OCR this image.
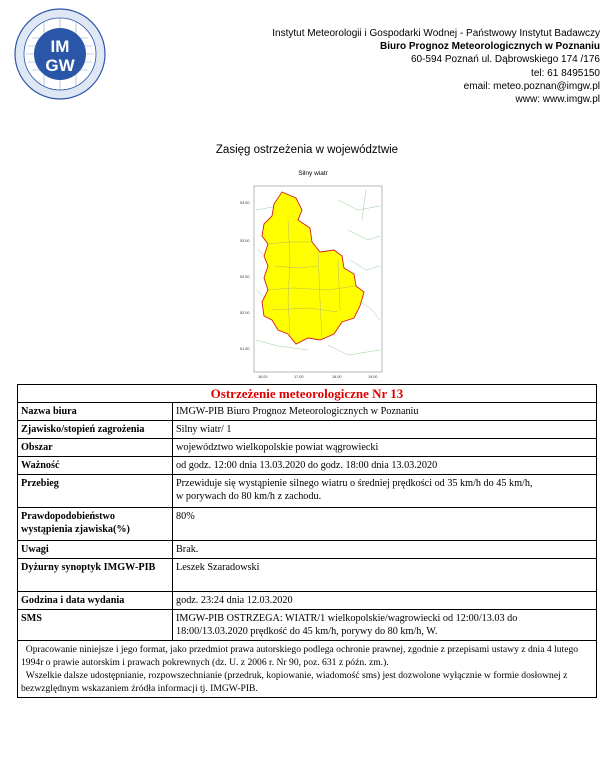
IM
GW
Instytut Meteorologii i Gospodarki Wodnej - Państwowy Instytut Badawczy
Biuro Prognoz Meteorologicznych w Poznaniu
60-594 Poznań ul. Dąbrowskiego 174 /176
tel: 61 8495150
email: meteo.poznan@imgw.pl
www: www.imgw.pl
Zasięg ostrzeżenia w województwie
53.50
53.00
52.50
52.00
51.50
16.00	17.00	18.00	19.00
Silny wiatr
Ostrzeżenie meteorologiczne Nr 13	
Nazwa biura	IMGW-PIB Biuro Prognoz Meteorologicznych w Poznaniu
Zjawisko/stopień zagrożenia	Silny wiatr/ 1
Obszar	województwo wielkopolskie powiat wągrowiecki
Ważność	od godz. 12:00 dnia 13.03.2020 do godz. 18:00 dnia 13.03.2020
Przebieg	Przewiduje się wystąpienie silnego wiatru o średniej prędkości od 35 km/h do 45 km/h,
w porywach do 80 km/h z zachodu.
Prawdopodobieństwo wystąpienia zjawiska(%)	80%
Uwagi	Brak.
Dyżurny synoptyk IMGW-PIB	Leszek Szaradowski
Godzina i data wydania	godz. 23:24 dnia 12.03.2020
SMS	IMGW-PIB OSTRZEGA: WIATR/1 wielkopolskie/wagrowiecki od 12:00/13.03 do
18:00/13.03.2020 prędkość do 45 km/h, porywy do 80 km/h, W.
Opracowanie niniejsze i jego format, jako przedmiot prawa autorskiego podlega ochronie prawnej, zgodnie z przepisami ustawy z dnia 4 lutego 1994r o prawie autorskim i prawach pokrewnych (dz. U. z 2006 r. Nr 90, poz. 631 z późn. zm.).
Wszelkie dalsze udostępnianie, rozpowszechnianie (przedruk, kopiowanie, wiadomość sms) jest dozwolone wyłącznie w formie dosłownej z bezwzględnym wskazaniem źródła informacji tj. IMGW-PIB.	
